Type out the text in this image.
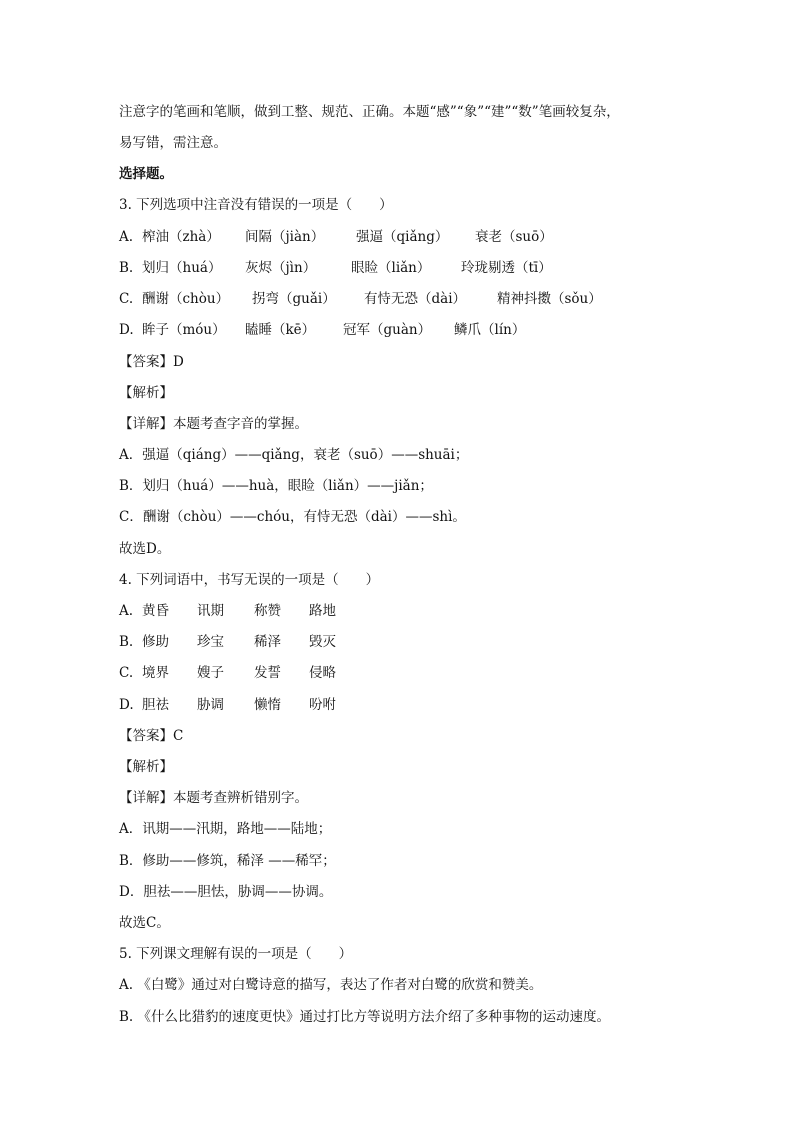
注意字的笔画和笔顺，做到工整、规范、正确。本题“感”“象”“建”“数”笔画较复杂，
易写错，需注意。
选择题。
3. 下列选项中注音没有错误的一项是（　　）
A. 榨油（zhà） 间隔（jiàn） 强逼（qiǎng） 衰老（suō）
B. 划归（huá） 灰烬（jìn）	眼睑（liǎn） 玲珑剔透（tī）
C. 酬谢（chòu） 拐弯（guǎi） 有恃无恐（dài） 精神抖擞（sǒu）
D. 眸子（móu） 瞌睡（kē） 冠军（guàn） 鳞爪（lín）
【答案】D
【解析】
【详解】本题考查字音的掌握。
A．强逼（qiáng）——qiǎng，衰老（suō）——shuāi；
B．划归（huá）——huà，眼睑（liǎn）——jiǎn；
C．酬谢（chòu）——chóu，有恃无恐（dài）——shì。
故选D。
4. 下列词语中，书写无误的一项是（　　）
A. 黄昏 讯期 称赞 路地
B. 修助 珍宝 稀泽 毁灭
C. 境界 嫂子 发誓 侵略
D. 胆祛 胁调 懒惰 吩咐
【答案】C
【解析】
【详解】本题考查辨析错别字。
A．讯期——汛期，路地——陆地；
B．修助——修筑，稀泽 ——稀罕；
D．胆祛——胆怯，胁调——协调。
故选C。
5. 下列课文理解有误的一项是（　　）
A. 《白鹭》通过对白鹭诗意的描写，表达了作者对白鹭的欣赏和赞美。
B. 《什么比猎豹的速度更快》通过打比方等说明方法介绍了多种事物的运动速度。
